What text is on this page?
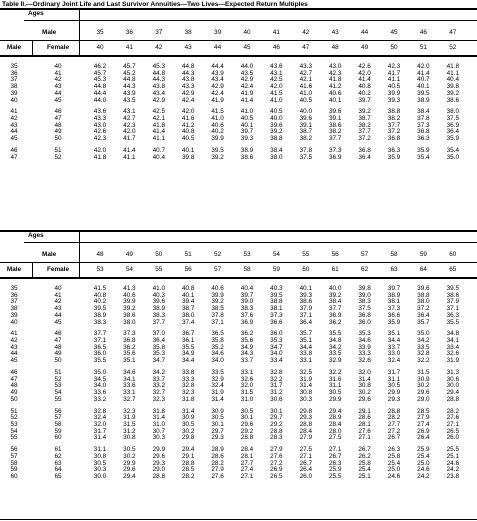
Table II.—Ordinary Joint Life and Last Survivor Annuities—Two Lives—Expected Return Multiples
Ages
Male	35	36	37	38	39	40	41	42	43	44	45	46	47
40	41	42	43	44	45	46	47	48	49	50	51	52
Male	Female
35	40	46.2	45.7	45.3	44.8	44.4	44.0	43.6	43.3	43.0	42.6	42.3	42.0	41.8
36	41	45.7	45.2	44.8	44.3	43.9	43.5	43.1	42.7	42.3	42.0	41.7	41.4	41.1
37	42	45.3	44.8	44.3	43.8	43.4	42.9	42.5	42.1	41.8	41.4	41.1	40.7	40.4
38	43	44.8	44.3	43.8	43.3	42.9	42.4	42.0	41.6	41.2	40.8	40.5	40.1	39.8
39	44	44.4	43.9	43.4	42.9	42.4	41.9	41.5	41.0	40.6	40.2	39.9	39.5	39.2
40	45	44.0	43.5	42.9	42.4	41.9	41.4	41.0	40.5	40.1	39.7	39.3	38.9	38.6
41	46	43.6	43.1	42.5	42.0	41.5	41.0	40.5	40.0	39.6	39.2	38.8	38.4	38.0
42	47	43.3	42.7	42.1	41.6	41.0	40.5	40.0	39.6	39.1	38.7	38.2	37.8	37.5
43	48	43.0	42.3	41.8	41.2	40.6	40.1	39.6	39.1	38.6	38.2	37.7	37.3	36.9
44	49	42.6	42.0	41.4	40.8	40.2	39.7	39.2	38.7	38.2	37.7	37.2	36.8	36.4
45	50	42.3	41.7	41.1	40.5	39.9	39.3	38.8	38.2	37.7	37.2	36.8	36.3	35.9
46	51	42.0	41.4	40.7	40.1	39.5	38.9	38.4	37.8	37.3	36.8	36.3	35.9	35.4
47	52	41.8	41.1	40.4	39.8	39.2	38.6	38.0	37.5	36.9	36.4	35.9	35.4	35.0
Ages
Male	48	49	50	51	52	53	54	55	56	57	58	59	60
53	54	55	56	57	58	59	60	61	62	63	64	65
Male	Female
35	40	41.5	41.3	41.0	40.8	40.6	40.4	40.3	40.1	40.0	39.8	39.7	39.6	39.5
36	41	40.8	40.6	40.3	40.1	39.9	39.7	39.5	39.3	39.2	39.0	38.9	38.8	38.6
37	42	40.2	39.9	39.6	39.4	39.2	39.0	38.8	38.6	38.4	38.3	38.1	38.0	37.9
38	43	39.5	39.2	38.9	38.7	38.5	38.3	38.1	37.9	37.7	37.5	37.3	37.2	37.1
39	44	38.9	38.6	38.3	38.0	37.8	37.6	37.3	37.1	36.9	36.8	36.6	36.4	36.3
40	45	38.3	38.0	37.7	37.4	37.1	36.9	36.6	36.4	36.2	36.0	35.9	35.7	35.5
41	46	37.7	37.3	37.0	36.7	36.5	36.2	36.0	35.7	35.5	35.3	35.1	35.0	34.8
42	47	37.1	36.8	36.4	36.1	35.8	35.6	35.3	35.1	34.8	34.6	34.4	34.2	34.1
43	48	36.5	36.2	35.8	35.5	35.2	34.9	34.7	34.4	34.2	33.9	33.7	33.5	33.4
44	49	36.0	35.6	35.3	34.9	34.6	34.3	34.0	33.8	33.5	33.3	33.0	32.8	32.6
45	50	35.5	35.1	34.7	34.4	34.0	33.7	33.4	33.1	32.9	32.6	32.4	32.2	31.9
46	51	35.0	34.6	34.2	33.8	33.5	33.1	32.8	32.5	32.2	32.0	31.7	31.5	31.3
47	52	34.5	34.1	33.7	33.3	32.9	32.6	32.2	31.9	31.6	31.4	31.1	30.9	30.6
48	53	34.0	33.6	33.2	32.8	32.4	32.0	31.7	31.4	31.1	30.8	30.5	30.2	30.0
49	54	33.6	33.1	32.7	32.3	31.9	31.5	31.2	30.8	30.5	30.2	29.9	29.6	29.4
50	55	33.2	32.7	32.3	31.8	31.4	31.0	30.6	30.3	29.9	29.6	29.3	29.0	28.8
51	56	32.8	32.3	31.8	31.4	30.9	30.5	30.1	29.8	29.4	29.1	28.8	28.5	28.2
52	57	32.4	31.9	31.4	30.9	30.5	30.1	29.7	29.3	28.9	28.6	28.2	27.9	27.6
53	58	32.0	31.5	31.0	30.5	30.1	29.6	29.2	28.8	28.4	28.1	27.7	27.4	27.1
54	59	31.7	31.2	30.7	30.2	29.7	29.2	28.8	28.4	28.0	27.6	27.2	26.9	26.5
55	60	31.4	30.8	30.3	29.8	29.3	28.8	28.3	27.9	27.5	27.1	26.7	26.4	26.0
56	61	31.1	30.5	29.9	29.4	28.9	28.4	27.9	27.5	27.1	26.7	26.3	25.9	25.5
57	62	30.8	30.2	29.6	29.1	28.6	28.1	27.6	27.1	26.7	26.2	25.8	25.4	25.1
58	63	30.5	29.9	29.3	28.8	28.2	27.7	27.2	26.7	26.3	25.8	25.4	25.0	24.6
59	64	30.3	29.6	29.0	28.5	27.9	27.4	26.9	26.4	25.9	25.4	25.0	24.6	24.2
60	65	30.0	29.4	28.8	28.2	27.6	27.1	26.5	26.0	25.5	25.1	24.6	24.2	23.8
